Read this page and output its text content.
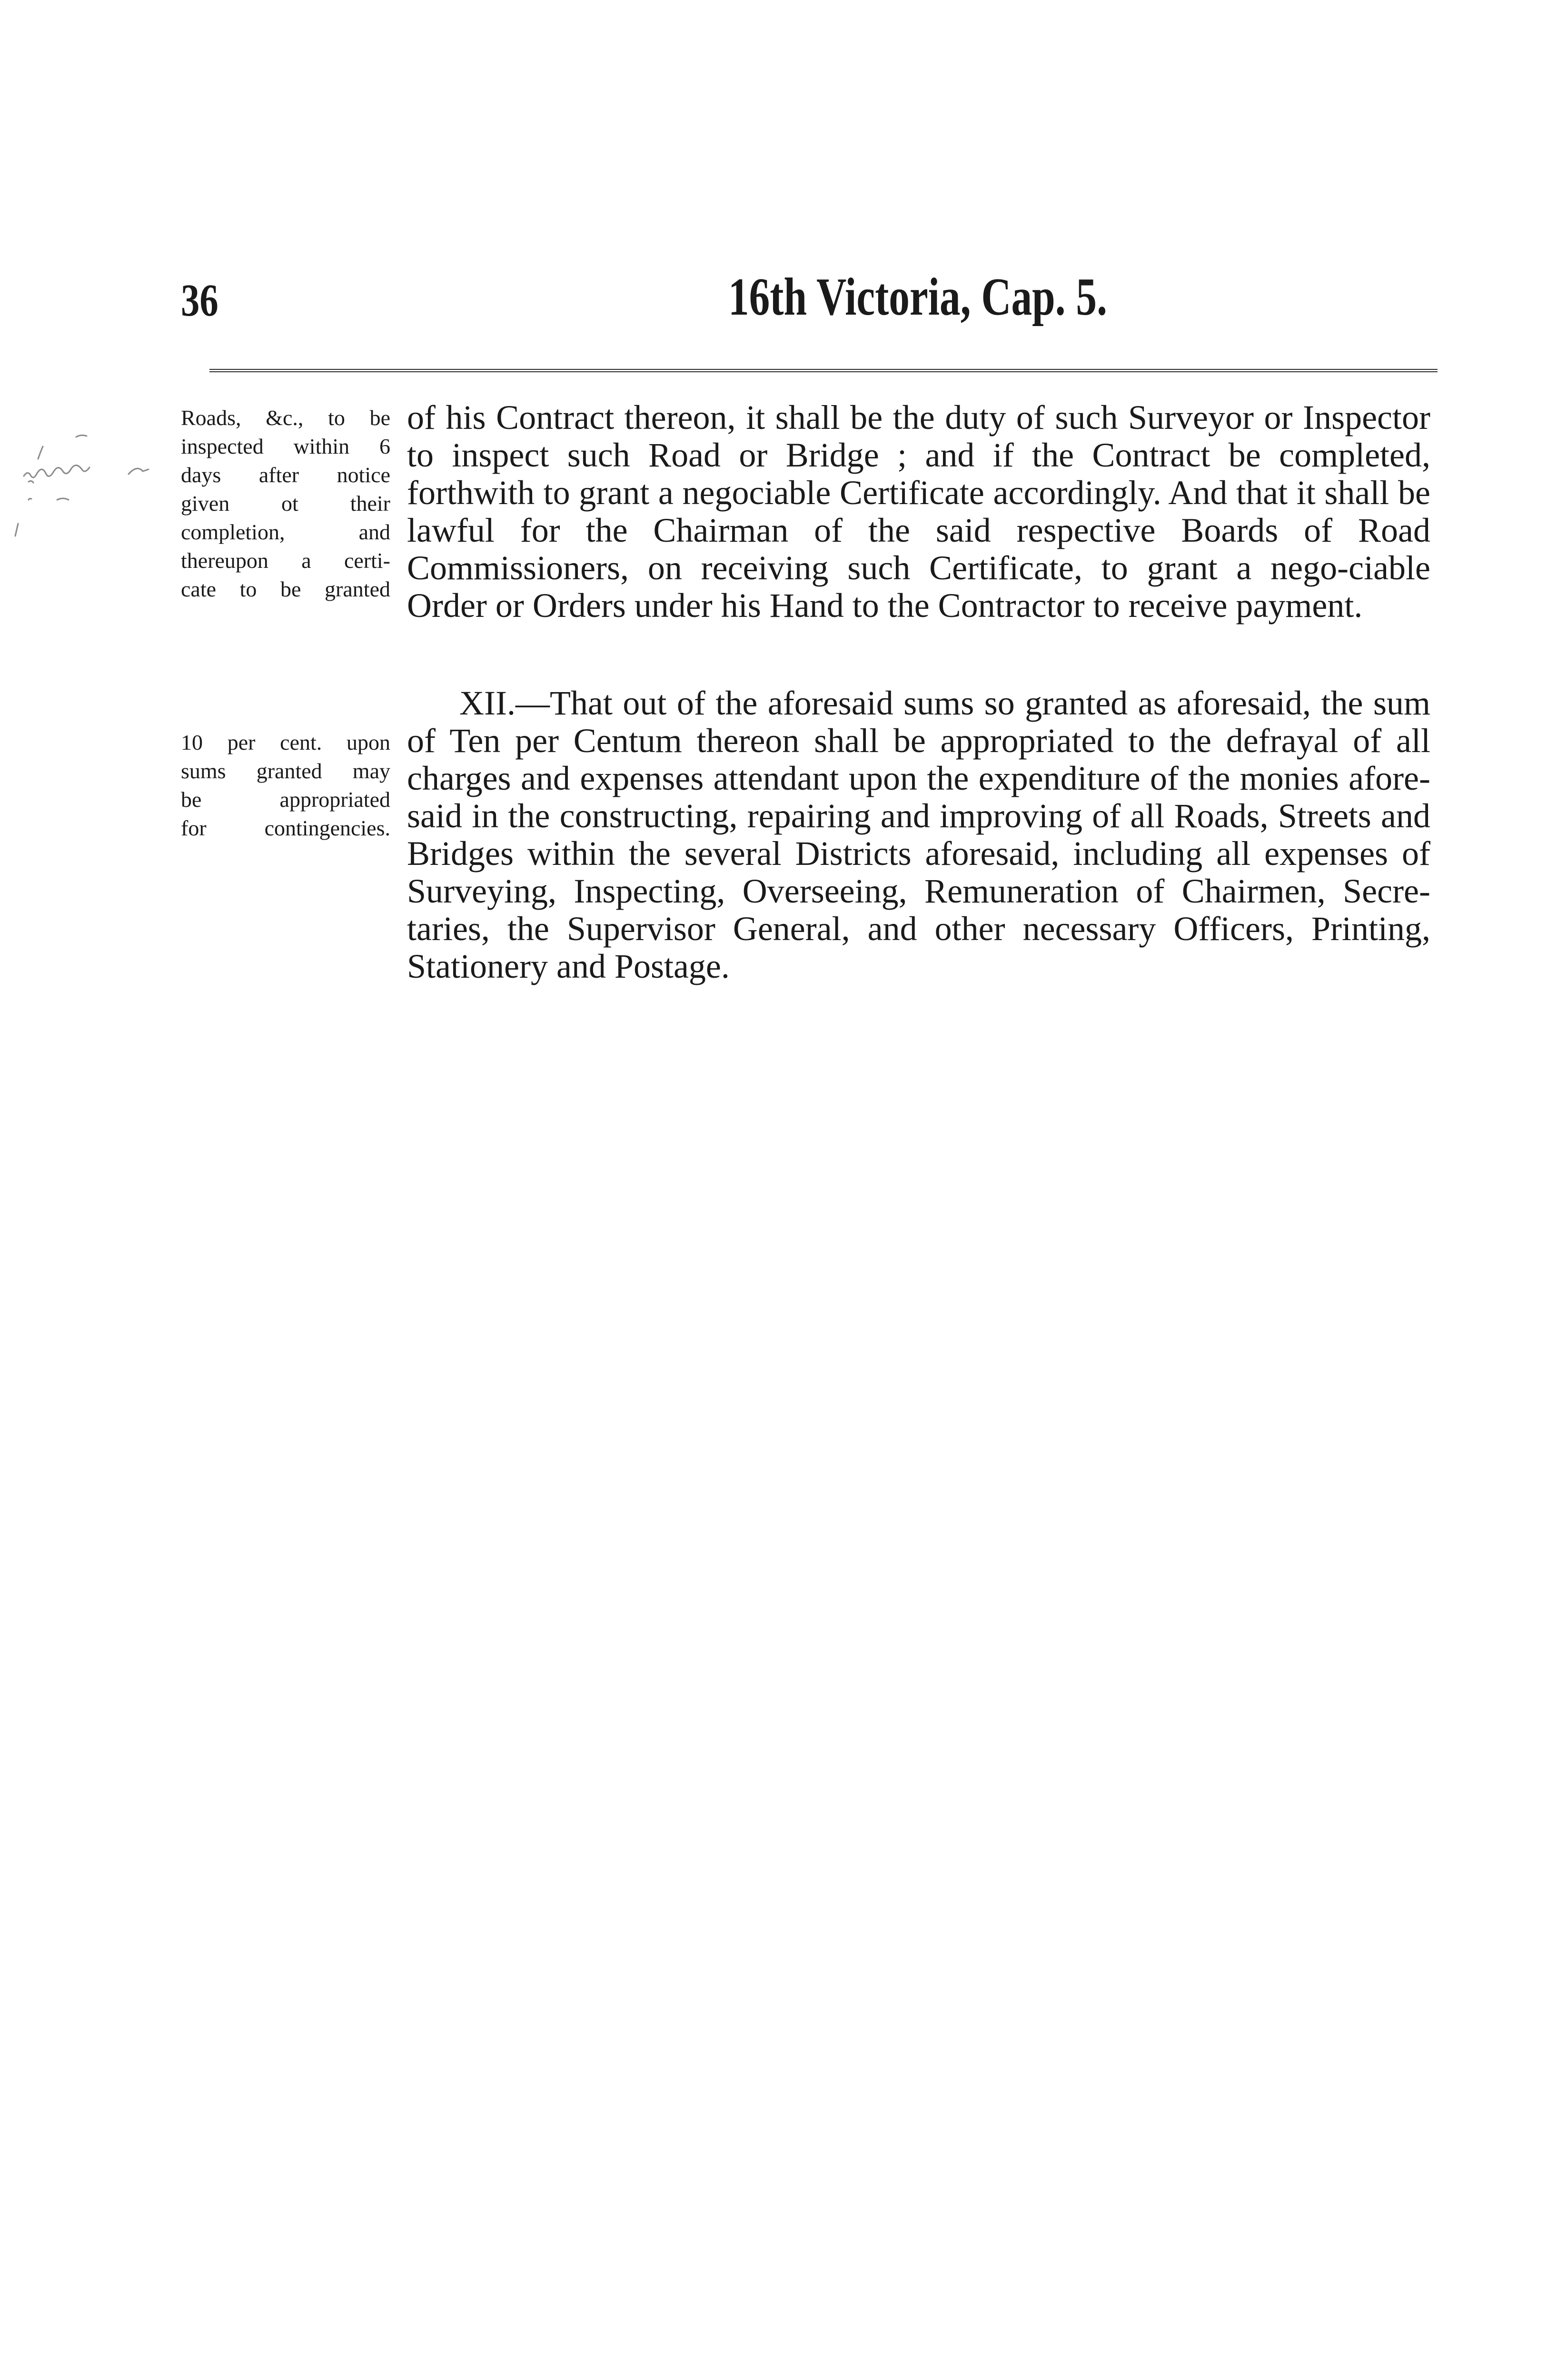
36	16th Victoria, Cap. 5.
Roads, &c., to be
inspected within 6
days after notice
given ot their
completion, and
thereupon a certi-
cate to be granted
of his Contract thereon, it shall be the duty of such Surveyor or Inspector to inspect such Road or Bridge ; and if the Contract be completed, forthwith to grant a negociable Certificate accordingly. And that it shall be lawful for the Chairman of the said respective Boards of Road Commissioners, on receiving such Certificate, to grant a nego-ciable Order or Orders under his Hand to the Contractor to receive payment.
10 per cent. upon
sums granted may
be appropriated
for contingencies.
XII.—That out of the aforesaid sums so granted as aforesaid, the sum of Ten per Centum thereon shall be appropriated to the defrayal of all charges and expenses attendant upon the expenditure of the monies afore-said in the constructing, repairing and improving of all Roads, Streets and Bridges within the several Districts aforesaid, including all expenses of Surveying, Inspecting, Overseeing, Remuneration of Chairmen, Secre-taries, the Supervisor General, and other necessary Officers, Printing, Stationery and Postage.
